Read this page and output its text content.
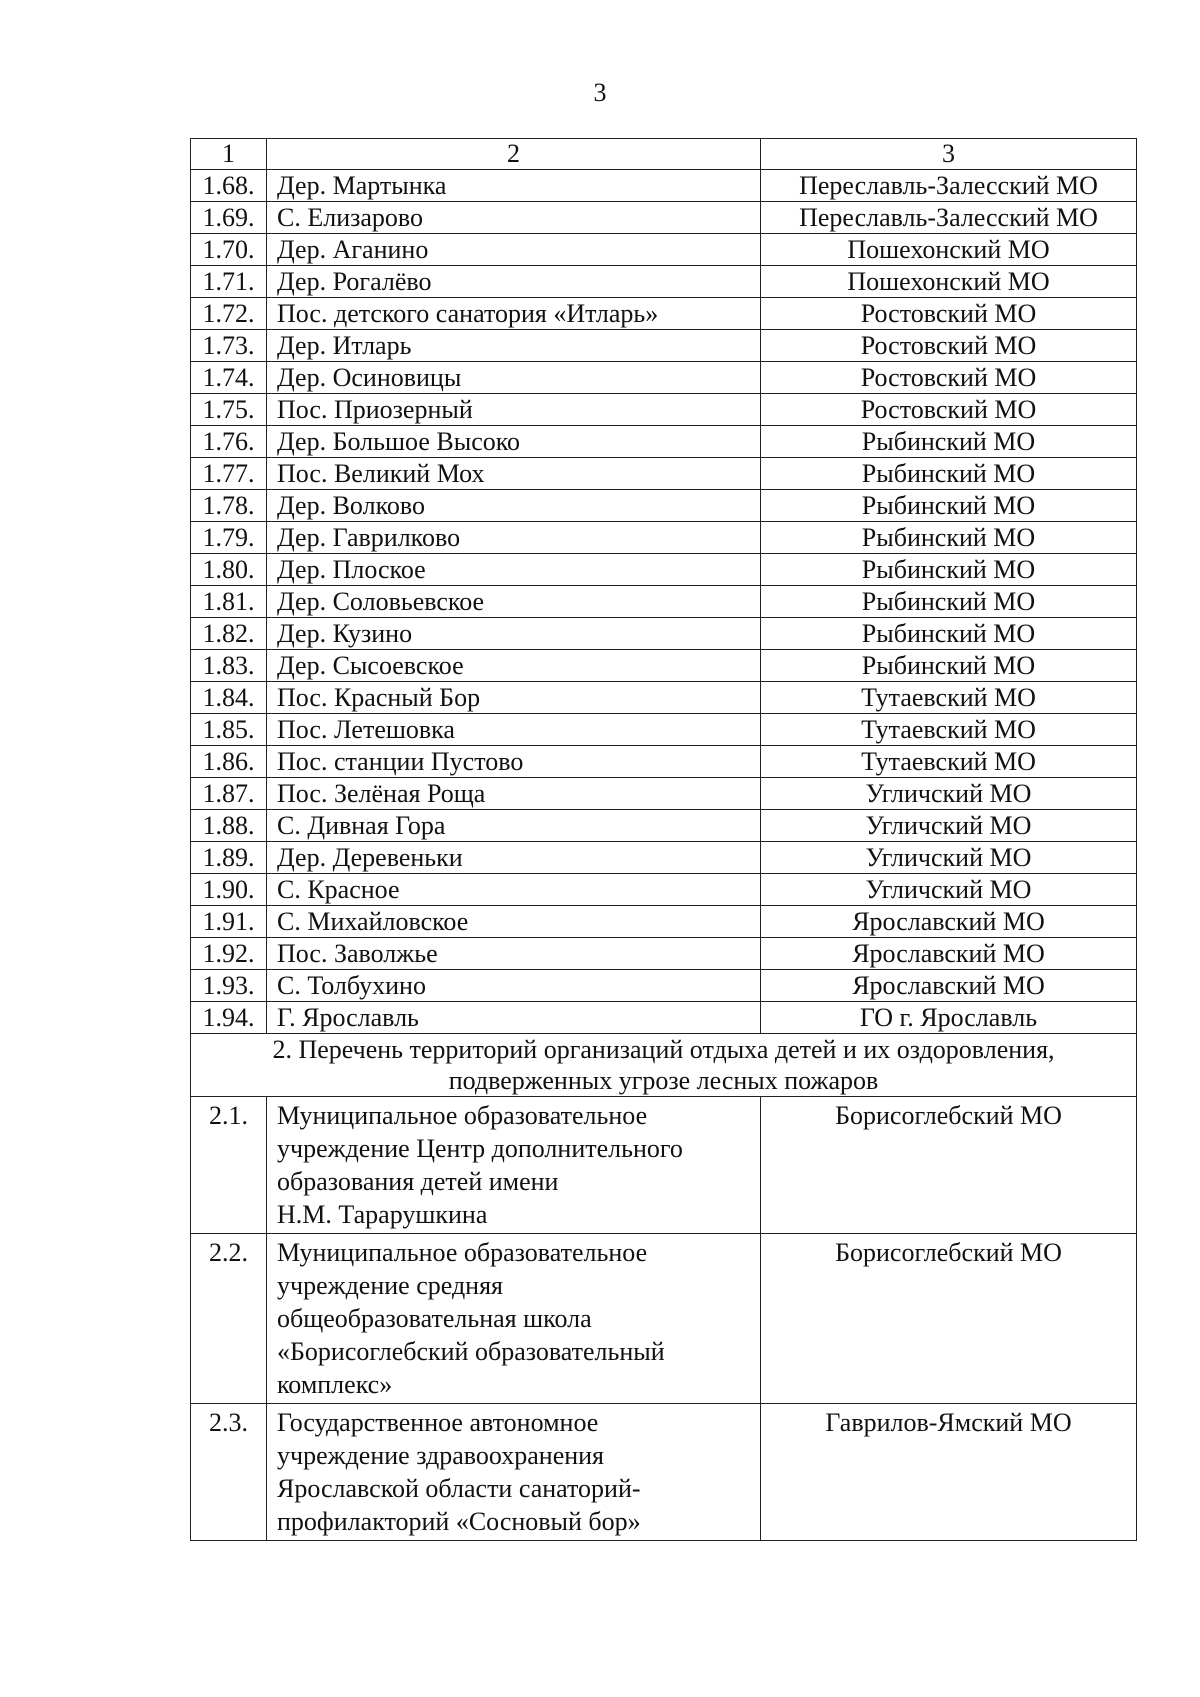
3
1	2	3
1.68.	Дер. Мартынка	Переславль-Залесский МО
1.69.	С. Елизарово	Переславль-Залесский МО
1.70.	Дер. Аганино	Пошехонский МО
1.71.	Дер. Рогалёво	Пошехонский МО
1.72.	Пос. детского санатория «Итларь»	Ростовский МО
1.73.	Дер. Итларь	Ростовский МО
1.74.	Дер. Осиновицы	Ростовский МО
1.75.	Пос. Приозерный	Ростовский МО
1.76.	Дер. Большое Высоко	Рыбинский МО
1.77.	Пос. Великий Мох	Рыбинский МО
1.78.	Дер. Волково	Рыбинский МО
1.79.	Дер. Гаврилково	Рыбинский МО
1.80.	Дер. Плоское	Рыбинский МО
1.81.	Дер. Соловьевское	Рыбинский МО
1.82.	Дер. Кузино	Рыбинский МО
1.83.	Дер. Сысоевское	Рыбинский МО
1.84.	Пос. Красный Бор	Тутаевский МО
1.85.	Пос. Летешовка	Тутаевский МО
1.86.	Пос. станции Пустово	Тутаевский МО
1.87.	Пос. Зелёная Роща	Угличский МО
1.88.	С. Дивная Гора	Угличский МО
1.89.	Дер. Деревеньки	Угличский МО
1.90.	С. Красное	Угличский МО
1.91.	С. Михайловское	Ярославский МО
1.92.	Пос. Заволжье	Ярославский МО
1.93.	С. Толбухино	Ярославский МО
1.94.	Г. Ярославль	ГО г. Ярославль

2. Перечень территорий организаций отдыха детей и их оздоровления,
подверженных угрозе лесных пожаров		

2.1.	Муниципальное образовательное
учреждение Центр дополнительного
образования детей имени
Н.М. Тарарушкина	Борисоглебский МО
2.2.	Муниципальное образовательное
учреждение средняя
общеобразовательная школа
«Борисоглебский образовательный
комплекс»	Борисоглебский МО
2.3.	Государственное автономное
учреждение здравоохранения
Ярославской области санаторий-
профилакторий «Сосновый бор»	Гаврилов-Ямский МО
